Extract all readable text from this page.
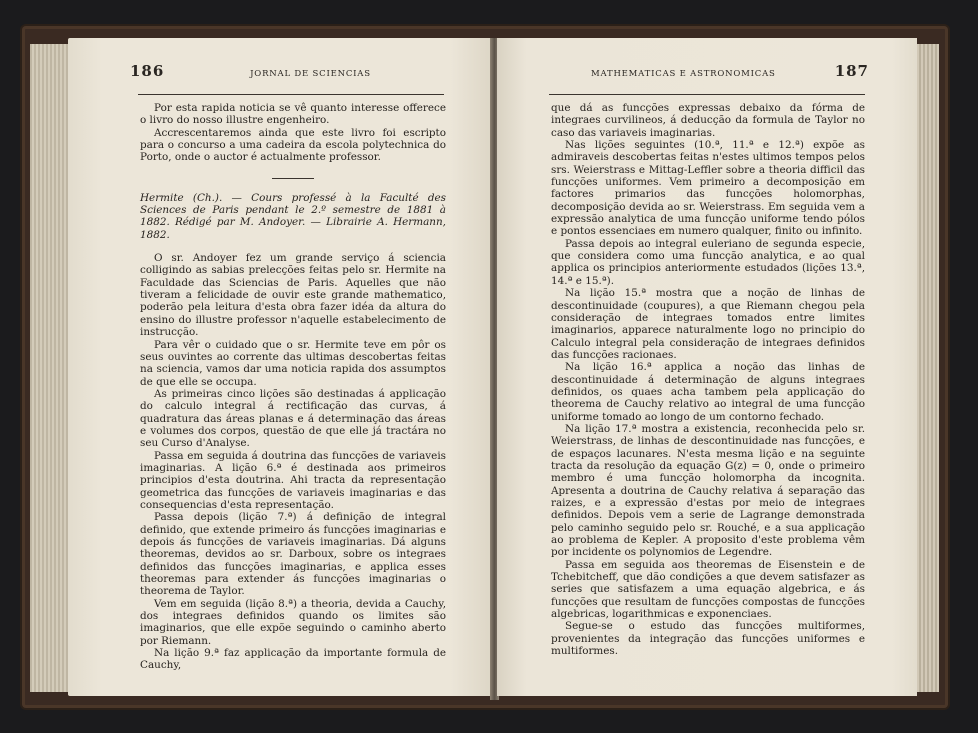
186	JORNAL DE SCIENCIAS

Por esta rapida noticia se vê quanto interesse offerece o livro do nosso illustre engenheiro.

Accrescentaremos ainda que este livro foi escripto para o concurso a uma cadeira da escola polytechnica do Porto, onde o auctor é actualmente professor.

Hermite (Ch.). — Cours professé à la Faculté des Sciences de Paris pendant le 2.º semestre de 1881 à 1882. Rédigé par M. Andoyer. — Librairie A. Hermann, 1882.

O sr. Andoyer fez um grande serviço á sciencia colligindo as sabias prelecções feitas pelo sr. Hermite na Faculdade das Sciencias de Paris. Aquelles que não tiveram a felicidade de ouvir este grande mathematico, poderão pela leitura d'esta obra fazer idéa da altura do ensino do illustre professor n'aquelle estabelecimento de instrucção.

Para vêr o cuidado que o sr. Hermite teve em pôr os seus ouvintes ao corrente das ultimas descobertas feitas na sciencia, vamos dar uma noticia rapida dos assumptos de que elle se occupa.

As primeiras cinco lições são destinadas á applicação do calculo integral á rectificação das curvas, á quadratura das áreas planas e á determinação das áreas e volumes dos corpos, questão de que elle já tractára no seu Curso d'Analyse.

Passa em seguida á doutrina das funcções de variaveis imaginarias. A lição 6.ª é destinada aos primeiros principios d'esta doutrina. Ahi tracta da representação geometrica das funcções de variaveis imaginarias e das consequencias d'esta representação.

Passa depois (lição 7.ª) á definição de integral definido, que extende primeiro ás funcções imaginarias e depois ás funcções de variaveis imaginarias. Dá alguns theoremas, devidos ao sr. Darboux, sobre os integraes definidos das funcções imaginarias, e applica esses theoremas para extender ás funcções imaginarias o theorema de Taylor.

Vem em seguida (lição 8.ª) a theoria, devida a Cauchy, dos integraes definidos quando os limites são imaginarios, que elle expõe seguindo o caminho aberto por Riemann.

Na lição 9.ª faz applicação da importante formula de Cauchy,

MATHEMATICAS E ASTRONOMICAS	187

que dá as funcções expressas debaixo da fórma de integraes curvilineos, á deducção da formula de Taylor no caso das variaveis imaginarias.

Nas lições seguintes (10.ª, 11.ª e 12.ª) expõe as admiraveis descobertas feitas n'estes ultimos tempos pelos srs. Weierstrass e Mittag-Leffler sobre a theoria difficil das funcções uniformes. Vem primeiro a decomposição em factores primarios das funcções holomorphas, decomposição devida ao sr. Weierstrass. Em seguida vem a expressão analytica de uma funcção uniforme tendo pólos e pontos essenciaes em numero qualquer, finito ou infinito.

Passa depois ao integral euleriano de segunda especie, que considera como uma funcção analytica, e ao qual applica os principios anteriormente estudados (lições 13.ª, 14.ª e 15.ª).

Na lição 15.ª mostra que a noção de linhas de descontinuidade (coupures), a que Riemann chegou pela consideração de integraes tomados entre limites imaginarios, apparece naturalmente logo no principio do Calculo integral pela consideração de integraes definidos das funcções racionaes.

Na lição 16.ª applica a noção das linhas de descontinuidade á determinação de alguns integraes definidos, os quaes acha tambem pela applicação do theorema de Cauchy relativo ao integral de uma funcção uniforme tomado ao longo de um contorno fechado.

Na lição 17.ª mostra a existencia, reconhecida pelo sr. Weierstrass, de linhas de descontinuidade nas funcções, e de espaços lacunares. N'esta mesma lição e na seguinte tracta da resolução da equação G(z) = 0, onde o primeiro membro é uma funcção holomorpha da incognita. Apresenta a doutrina de Cauchy relativa á separação das raizes, e a expressão d'estas por meio de integraes definidos. Depois vem a serie de Lagrange demonstrada pelo caminho seguido pelo sr. Rouché, e a sua applicação ao problema de Kepler. A proposito d'este problema vêm por incidente os polynomios de Legendre.

Passa em seguida aos theoremas de Eisenstein e de Tchebitcheff, que dão condições a que devem satisfazer as series que satisfazem a uma equação algebrica, e ás funcções que resultam de funcções compostas de funcções algebricas, logarithmicas e exponenciaes.

Segue-se o estudo das funcções multiformes, provenientes da integração das funcções uniformes e multiformes.
